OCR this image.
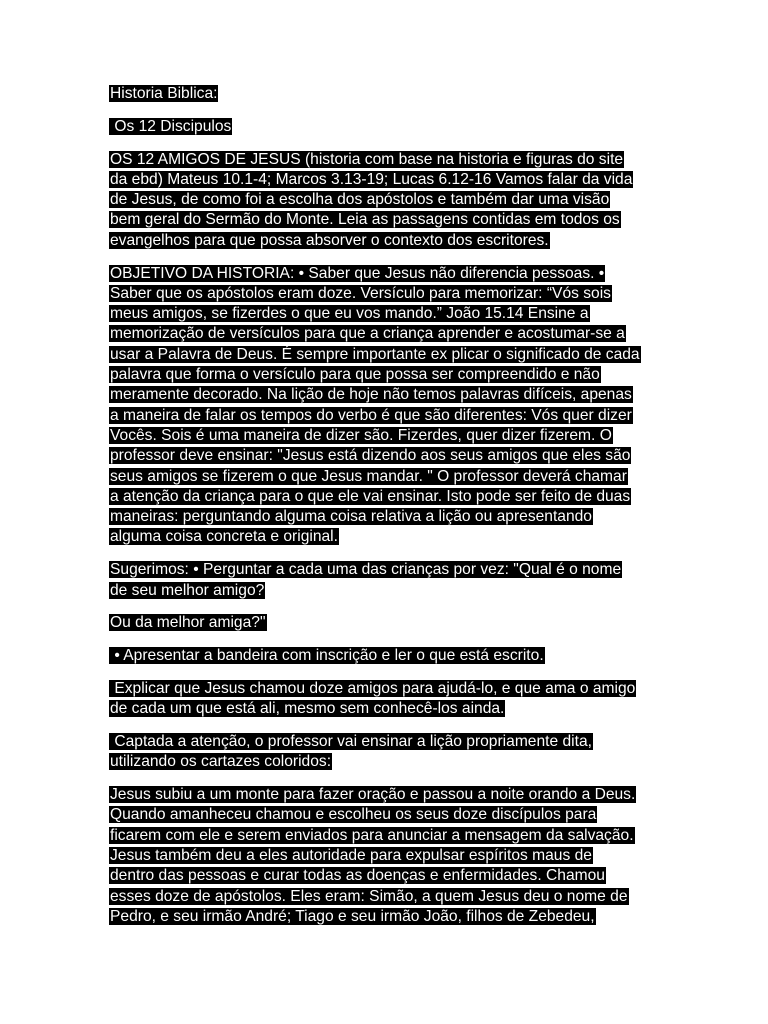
Historia Biblica:
Os 12 Discipulos
OS 12 AMIGOS DE JESUS (historia com base na historia e figuras do site
da ebd) Mateus 10.1-4; Marcos 3.13-19; Lucas 6.12-16 Vamos falar da vida
de Jesus, de como foi a escolha dos apóstolos e também dar uma visão
bem geral do Sermão do Monte. Leia as passagens contidas em todos os
evangelhos para que possa absorver o contexto dos escritores.
OBJETIVO DA HISTORIA: • Saber que Jesus não diferencia pessoas. •
Saber que os apóstolos eram doze. Versículo para memorizar: “Vós sois
meus amigos, se fizerdes o que eu vos mando.” João 15.14 Ensine a
memorização de versículos para que a criança aprender e acostumar-se a
usar a Palavra de Deus. É sempre importante ex plicar o significado de cada
palavra que forma o versículo para que possa ser compreendido e não
meramente decorado. Na lição de hoje não temos palavras difíceis, apenas
a maneira de falar os tempos do verbo é que são diferentes: Vós quer dizer
Vocês. Sois é uma maneira de dizer são. Fizerdes, quer dizer fizerem. O
professor deve ensinar: "Jesus está dizendo aos seus amigos que eles são
seus amigos se fizerem o que Jesus mandar. " O professor deverá chamar
a atenção da criança para o que ele vai ensinar. Isto pode ser feito de duas
maneiras: perguntando alguma coisa relativa a lição ou apresentando
alguma coisa concreta e original.
Sugerimos: • Perguntar a cada uma das crianças por vez: "Qual é o nome
de seu melhor amigo?
Ou da melhor amiga?"
• Apresentar a bandeira com inscrição e ler o que está escrito.
Explicar que Jesus chamou doze amigos para ajudá-lo, e que ama o amigo
de cada um que está ali, mesmo sem conhecê-los ainda.
Captada a atenção, o professor vai ensinar a lição propriamente dita,
utilizando os cartazes coloridos:
Jesus subiu a um monte para fazer oração e passou a noite orando a Deus.
Quando amanheceu chamou e escolheu os seus doze discípulos para
ficarem com ele e serem enviados para anunciar a mensagem da salvação.
Jesus também deu a eles autoridade para expulsar espíritos maus de
dentro das pessoas e curar todas as doenças e enfermidades. Chamou
esses doze de apóstolos. Eles eram: Simão, a quem Jesus deu o nome de
Pedro, e seu irmão André; Tiago e seu irmão João, filhos de Zebedeu,
